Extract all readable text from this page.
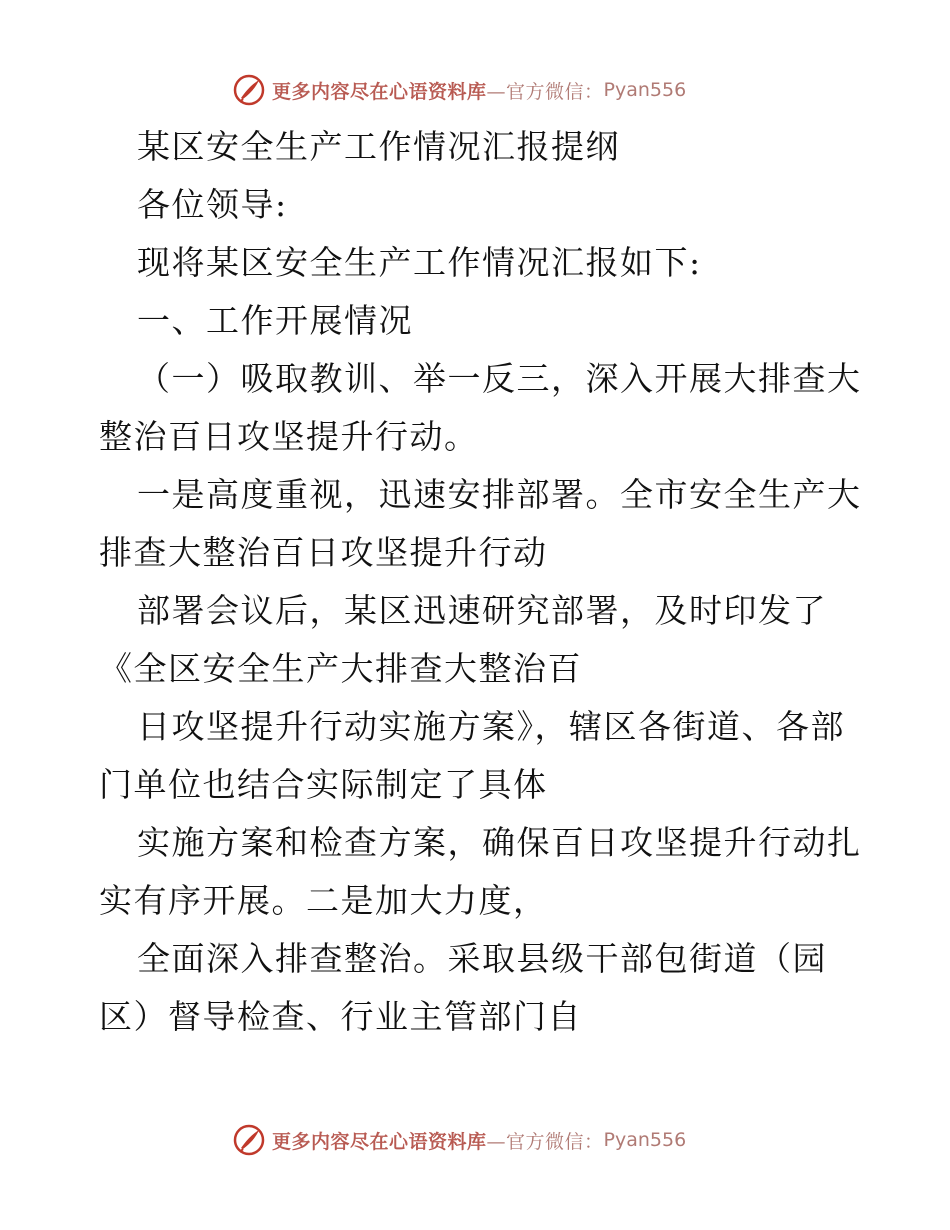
更多内容尽在心语资料库 —官方微信： Pyan556
某区安全生产工作情况汇报提纲
各位领导:
现将某区安全生产工作情况汇报如下:
一、工作开展情况
（一）吸取教训、举一反三，深入开展大排查大
整治百日攻坚提升行动。
一是高度重视，迅速安排部署。全市安全生产大
排查大整治百日攻坚提升行动
部署会议后，某区迅速研究部署，及时印发了
《全区安全生产大排查大整治百
日攻坚提升行动实施方案》，辖区各街道、各部
门单位也结合实际制定了具体
实施方案和检查方案，确保百日攻坚提升行动扎
实有序开展。二是加大力度，
全面深入排查整治。采取县级干部包街道（园
区）督导检查、行业主管部门自
更多内容尽在心语资料库 —官方微信： Pyan556
